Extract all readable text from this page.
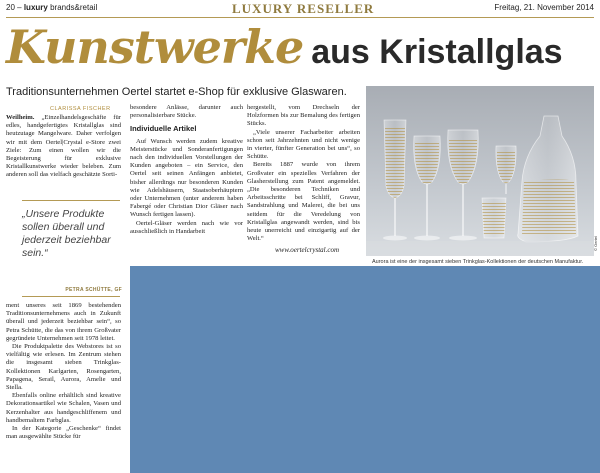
20 – luxury brands&retail	LUXURY RESELLER	Freitag, 21. November 2014
Kunstwerke aus Kristallglas
Traditionsunternehmen Oertel startet e-Shop für exklusive Glaswaren.
CLARISSA FISCHER

Weilheim. „Einzelhandelsgeschäfte für edles, handgefertigtes Kristallglas sind heutzutage Mangelware. Daher verfolgen wir mit dem Oertel|Crystal e-Store zwei Ziele: Zum einen wollen wir die Begeisterung für exklusive Kristallkunstwerke wieder beleben. Zum anderen soll das vielfach geschätzte Sorti-

„Unsere Produkte sollen überall und jederzeit beziehbar sein.“
PETRA SCHÜTTE, GF

ment unseres seit 1869 bestehenden Traditionsunternehmens auch in Zukunft überall und jederzeit beziehbar sein“, so Petra Schütte, die das von ihrem Großvater gegründete Unternehmen seit 1978 leitet.

Die Produktpalette des Webstores ist so vielfältig wie erlesen. Im Zentrum stehen die insgesamt sieben Trinkglas-Kollektionen Karlgarten, Rosengarten, Papagena, Serail, Aurora, Amelie und Stella.

Ebenfalls online erhältlich sind kreative Dekorationsartikel wie Schalen, Vasen und Kerzenhalter aus handgeschliffenem und handbemaltem Farbglas.

In der Kategorie „Geschenke“ findet man ausgewählte Stücke für

besondere Anlässe, darunter auch personalisierbare Stücke.

Individuelle Artikel

Auf Wunsch werden zudem kreative Meisterstücke und Sonderanfertigungen nach den individuellen Vorstellungen der Kunden angeboten – ein Service, den Oertel seit seinen Anfängen anbietet, bisher allerdings nur besonderen Kunden wie Adelshäusern, Staatsoberhäuptern oder Unternehmen (unter anderem haben Fabergé oder Christian Dior Gläser nach Wunsch fertigen lassen).

Oertel-Gläser werden nach wie vor ausschließlich in Handarbeit

hergestellt, vom Drechseln der Holzformen bis zur Bemalung des fertigen Stücks.

„Viele unserer Facharbeiter arbeiten schon seit Jahrzehnten und nicht wenige in vierter, fünfter Generation bei uns“, so Schütte.

Bereits 1887 wurde von ihrem Großvater ein spezielles Verfahren der Glasherstellung zum Patent angemeldet. „Die besonderen Techniken und Arbeitsschritte bei Schliff, Gravur, Sandstrahlung und Malerei, die bei uns seitdem für die Veredelung von Kristallglas angewandt werden, sind bis heute unerreicht und einzigartig auf der Welt.“

www.oertelcrystal.com	© Oertel
Aurora ist eine der insgesamt sieben Trinkglas-Kollektionen der deutschen Manufaktur.
